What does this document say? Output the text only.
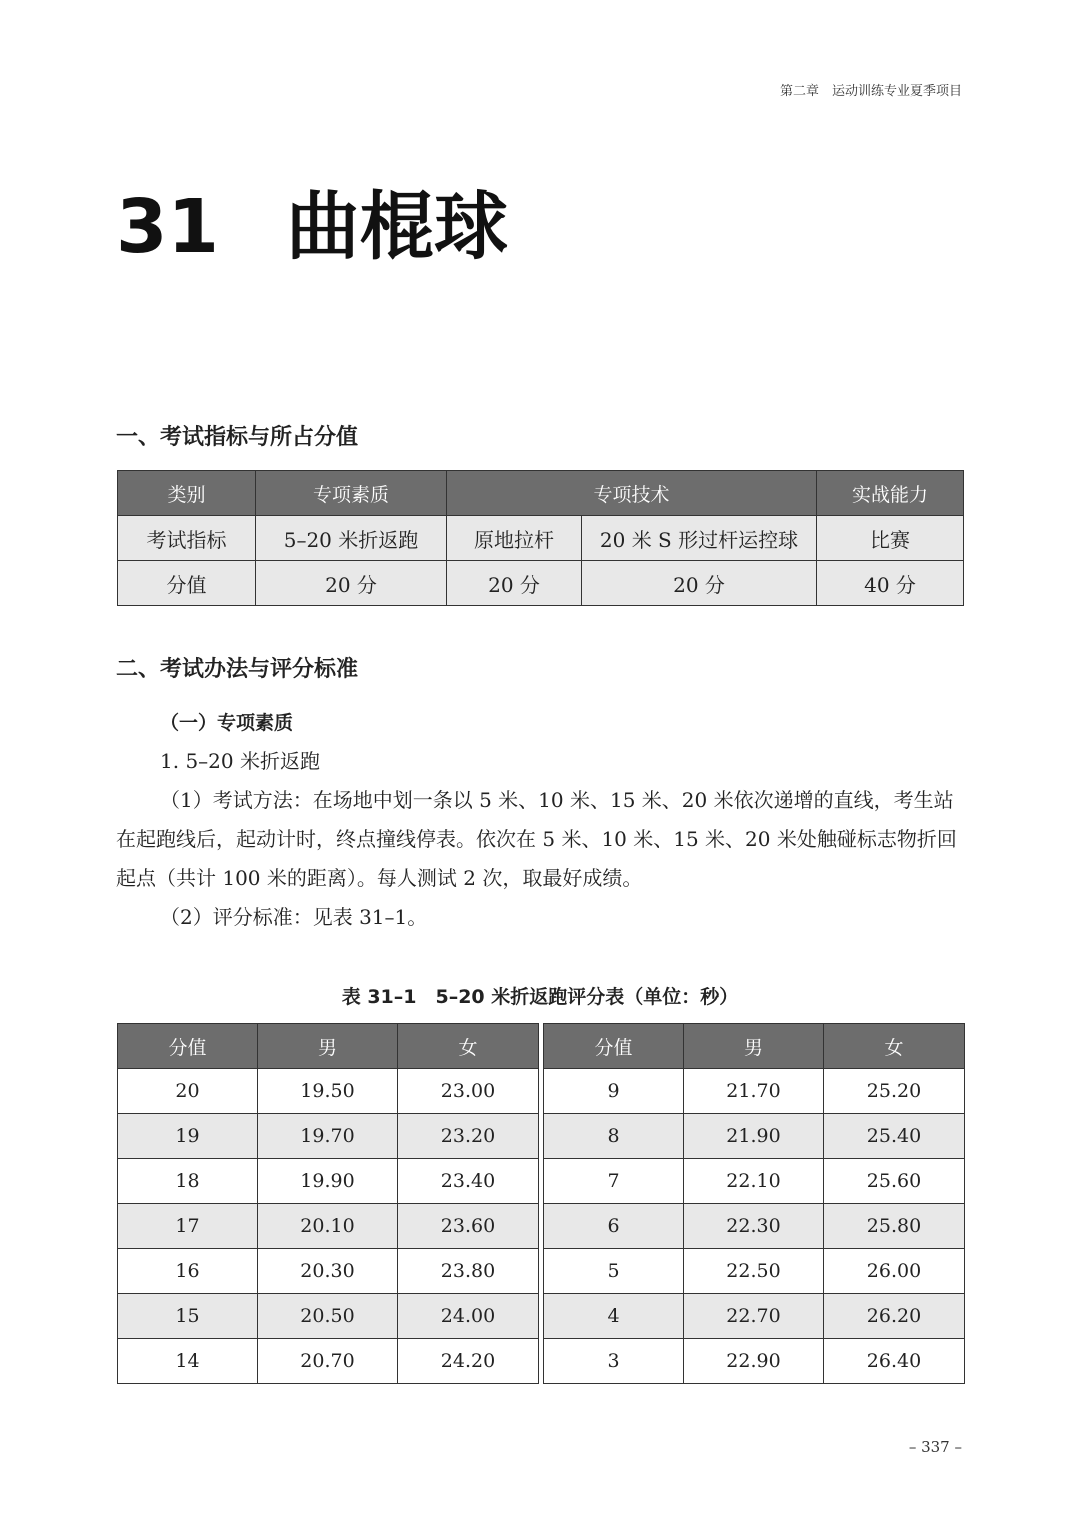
第二章　运动训练专业夏季项目
31 曲棍球
一、考试指标与所占分值
类别	专项素质	专项技术		实战能力
考试指标	5–20 米折返跑	原地拉杆	20 米 S 形过杆运控球	比赛
分值	20 分	20 分	20 分	40 分
二、考试办法与评分标准
（一）专项素质
1. 5–20 米折返跑
（1）考试方法：在场地中划一条以 5 米、10 米、15 米、20 米依次递增的直线，考生站在起跑线后，起动计时，终点撞线停表。依次在 5 米、10 米、15 米、20 米处触碰标志物折回起点（共计 100 米的距离）。每人测试 2 次，取最好成绩。
（2）评分标准：见表 31–1。
表 31–1　5–20 米折返跑评分表（单位：秒）
分值	男	女
20	19.50	23.00
19	19.70	23.20
18	19.90	23.40
17	20.10	23.60
16	20.30	23.80
15	20.50	24.00
14	20.70	24.20
分值	男	女
9	21.70	25.20
8	21.90	25.40
7	22.10	25.60
6	22.30	25.80
5	22.50	26.00
4	22.70	26.20
3	22.90	26.40
– 337 –
